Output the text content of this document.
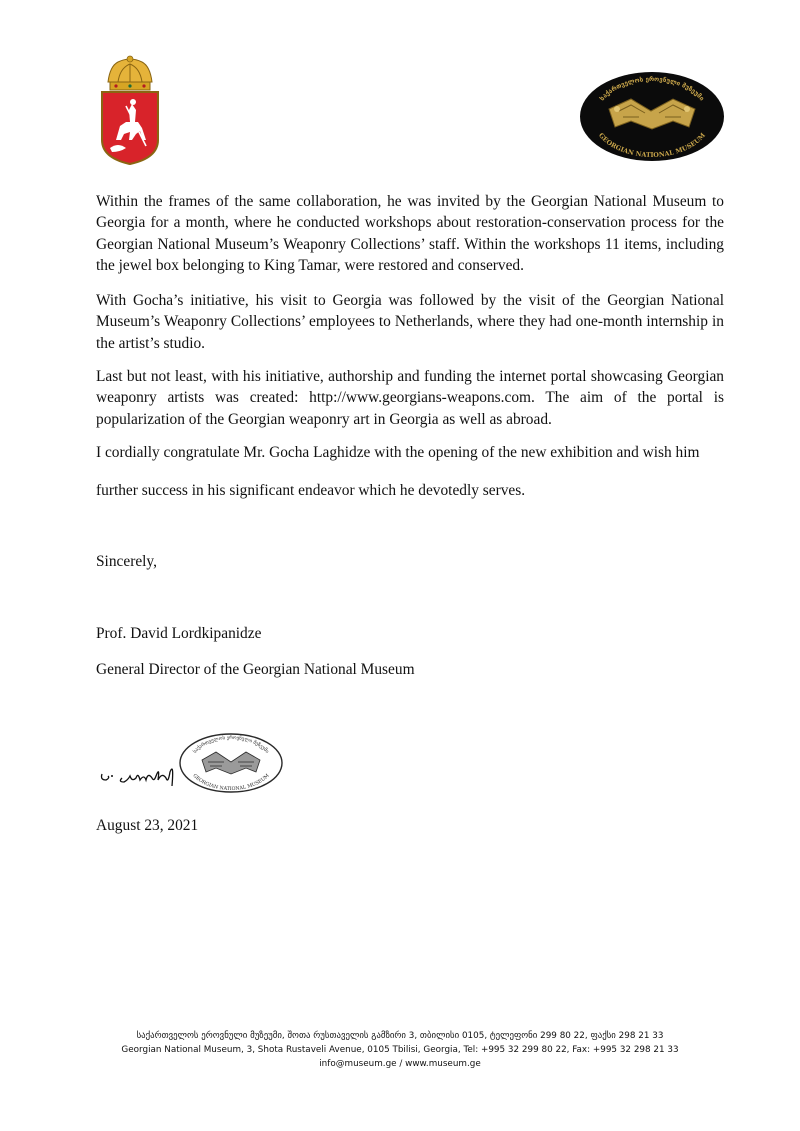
საქართველოს ეროვნული მუზეუმი
GEORGIAN NATIONAL MUSEUM

Within the frames of the same collaboration, he was invited by the Georgian National Museum to Georgia for a month, where he conducted workshops about restoration-conservation process for the Georgian National Museum’s Weaponry Collections’ staff. Within the workshops 11 items, including the jewel box belonging to King Tamar, were restored and conserved.

With Gocha’s initiative, his visit to Georgia was followed by the visit of the Georgian National Museum’s Weaponry Collections’ employees to Netherlands, where they had one-month internship in the artist’s studio.

Last but not least, with his initiative, authorship and funding the internet portal showcasing Georgian weaponry artists was created: http://www.georgians-weapons.com. The aim of the portal is popularization of the Georgian weaponry art in Georgia as well as abroad.

I cordially congratulate Mr. Gocha Laghidze with the opening of the new exhibition and wish him

further success in his significant endeavor which he devotedly serves.

Sincerely,
Prof. David Lordkipanidze
General Director of the Georgian National Museum
საქართველოს ეროვნული მუზეუმი
GEORGIAN NATIONAL MUSEUM
August 23, 2021
საქართველოს ეროვნული მუზეუმი, შოთა რუსთაველის გამზირი 3, თბილისი 0105, ტელეფონი 299 80 22, ფაქსი 298 21 33
Georgian National Museum, 3, Shota Rustaveli Avenue, 0105 Tbilisi, Georgia, Tel: +995 32 299 80 22, Fax: +995 32 298 21 33
info@museum.ge / www.museum.ge
